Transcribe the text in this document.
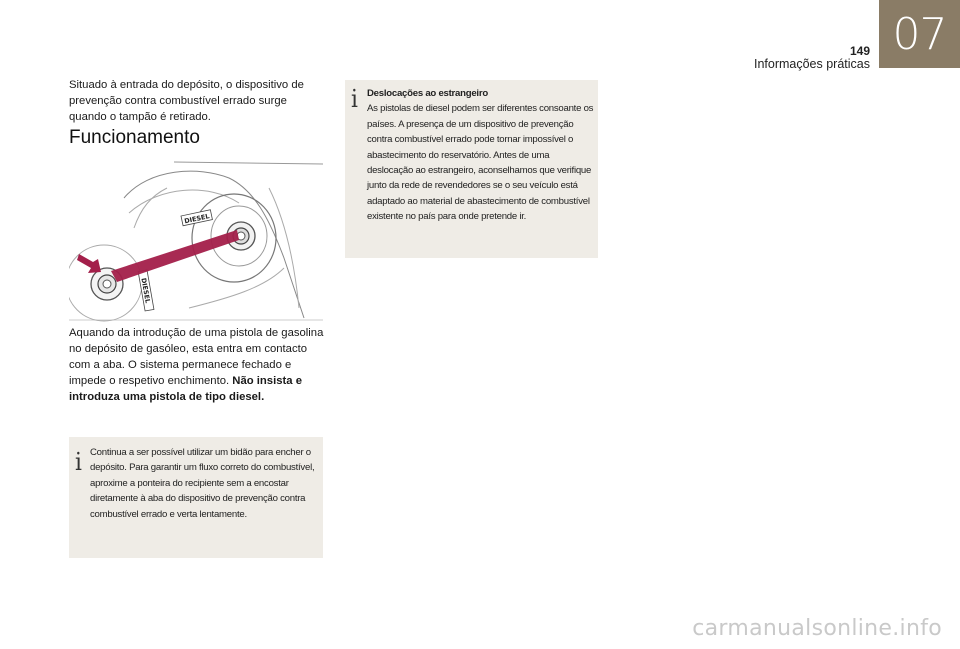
07
149
Informações práticas
Situado à entrada do depósito, o dispositivo de prevenção contra combustível errado surge quando o tampão é retirado.
Funcionamento
DIESEL
DIESEL
Aquando da introdução de uma pistola de gasolina no depósito de gasóleo, esta entra em contacto com a aba. O sistema permanece fechado e impede o respetivo enchimento. Não insista e introduza uma pistola de tipo diesel.
i Continua a ser possível utilizar um bidão para encher o depósito. Para garantir um fluxo correto do combustível, aproxime a ponteira do recipiente sem a encostar diretamente à aba do dispositivo de prevenção contra combustível errado e verta lentamente.
i Deslocações ao estrangeiro
As pistolas de diesel podem ser diferentes consoante os países. A presença de um dispositivo de prevenção contra combustível errado pode tornar impossível o abastecimento do reservatório. Antes de uma deslocação ao estrangeiro, aconselhamos que verifique junto da rede de revendedores se o seu veículo está adaptado ao material de abastecimento de combustível existente no país para onde pretende ir.
carmanualsonline.info
